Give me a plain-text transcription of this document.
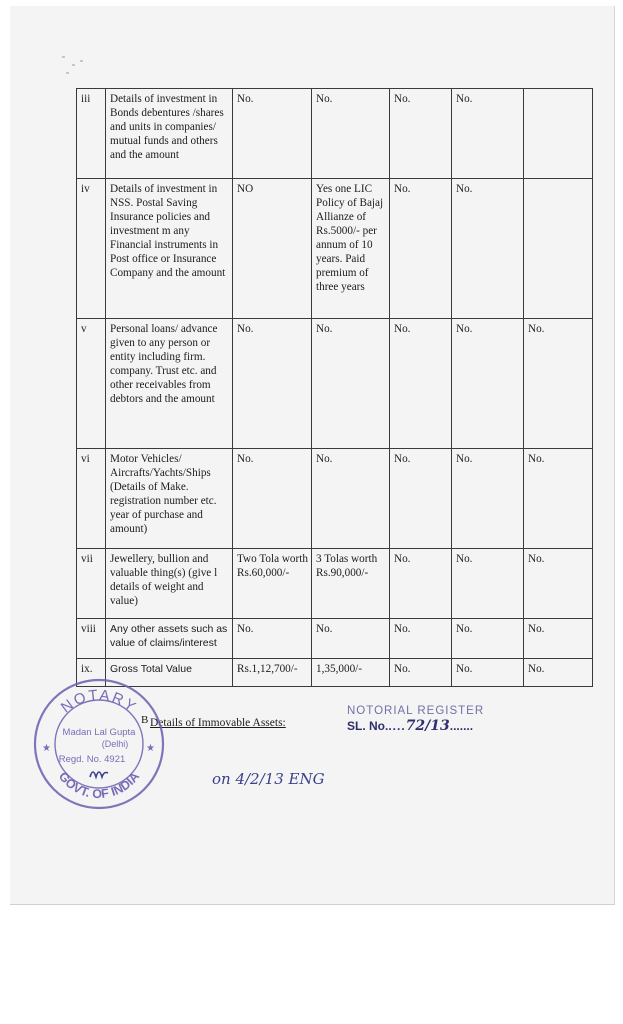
iii	Details of investment in Bonds debentures /shares and units in companies/ mutual funds and others and the amount	No.	No.	No.	No.	
iv	Details of investment in NSS. Postal Saving Insurance policies and investment m any Financial instruments in Post office or Insurance Company and the amount	NO	Yes one LIC Policy of Bajaj Allianze of Rs.5000/- per annum of 10 years. Paid premium of three years	No.	No.	
v	Personal loans/ advance given to any person or entity including firm. company. Trust etc. and other receivables from debtors and the amount	No.	No.	No.	No.	No.
vi	Motor Vehicles/ Aircrafts/Yachts/Ships (Details of Make. registration number etc. year of purchase and amount)	No.	No.	No.	No.	No.
vii	Jewellery, bullion and valuable thing(s) (give l details of weight and value)	Two Tola worth Rs.60,000/-	3 Tolas worth Rs.90,000/-	No.	No.	No.
viii	Any other assets such as value of claims/interest	No.	No.	No.	No.	No.
ix.	Gross Total Value	Rs.1,12,700/-	1,35,000/-	No.	No.	No.
B Details of Immovable Assets:
NOTORIAL REGISTER
SL. No.....72/13.......
on 4/2/13 ENG
NOTARY
GOVT. OF INDIA
Madan Lal Gupta
(Delhi)
Regd. No. 4921
★	★
